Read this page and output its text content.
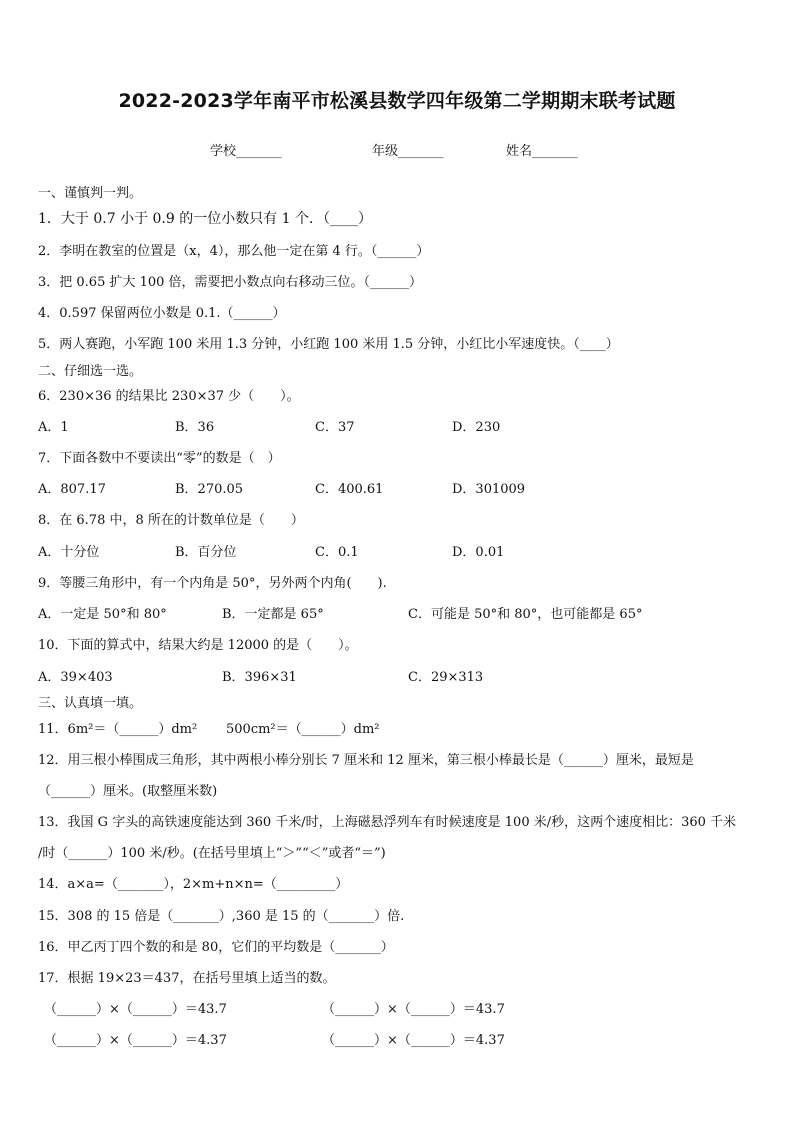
2022-2023学年南平市松溪县数学四年级第二学期期末联考试题
学校_______	年级_______	姓名_______
一、谨慎判一判。
1．大于 0.7 小于 0.9 的一位小数只有 1 个．（____）
2．李明在教室的位置是（x，4），那么他一定在第 4 行。（______）
3．把 0.65 扩大 100 倍，需要把小数点向右移动三位。（______）
4．0.597 保留两位小数是 0.1.（______）
5．两人赛跑，小军跑 100 米用 1.3 分钟，小红跑 100 米用 1.5 分钟，小红比小军速度快。（____）
二、仔细选一选。
6．230×36 的结果比 230×37 少（　　）。
A．1	B．36	C．37	D．230
7．下面各数中不要读出“零”的数是（　）
A．807.17	B．270.05	C．400.61	D．301009
8．在 6.78 中，8 所在的计数单位是（　　）
A．十分位	B．百分位	C．0.1	D．0.01
9．等腰三角形中，有一个内角是 50°，另外两个内角(　　).
A．一定是 50°和 80°	B．一定都是 65°	C．可能是 50°和 80°，也可能都是 65°
10．下面的算式中，结果大约是 12000 的是（　　）。
A．39×403	B．396×31	C．29×313
三、认真填一填。
11．6m²＝（______）dm² 500cm²＝（______）dm²
12．用三根小棒围成三角形，其中两根小棒分别长 7 厘米和 12 厘米，第三根小棒最长是（______）厘米，最短是
（______）厘米。(取整厘米数)
13．我国 G 字头的高铁速度能达到 360 千米/时，上海磁悬浮列车有时候速度是 100 米/秒，这两个速度相比：360 千米
/时（______）100 米/秒。(在括号里填上“＞”“＜”或者“＝”)
14．a×a=（_______），2×m+n×n=（_________）
15．308 的 15 倍是（_______）,360 是 15 的（_______）倍.
16．甲乙丙丁四个数的和是 80，它们的平均数是（_______）
17．根据 19×23＝437，在括号里填上适当的数。
（______）×（______）＝43.7	（______）×（______）＝43.7
（______）×（______）＝4.37	（______）×（______）＝4.37
